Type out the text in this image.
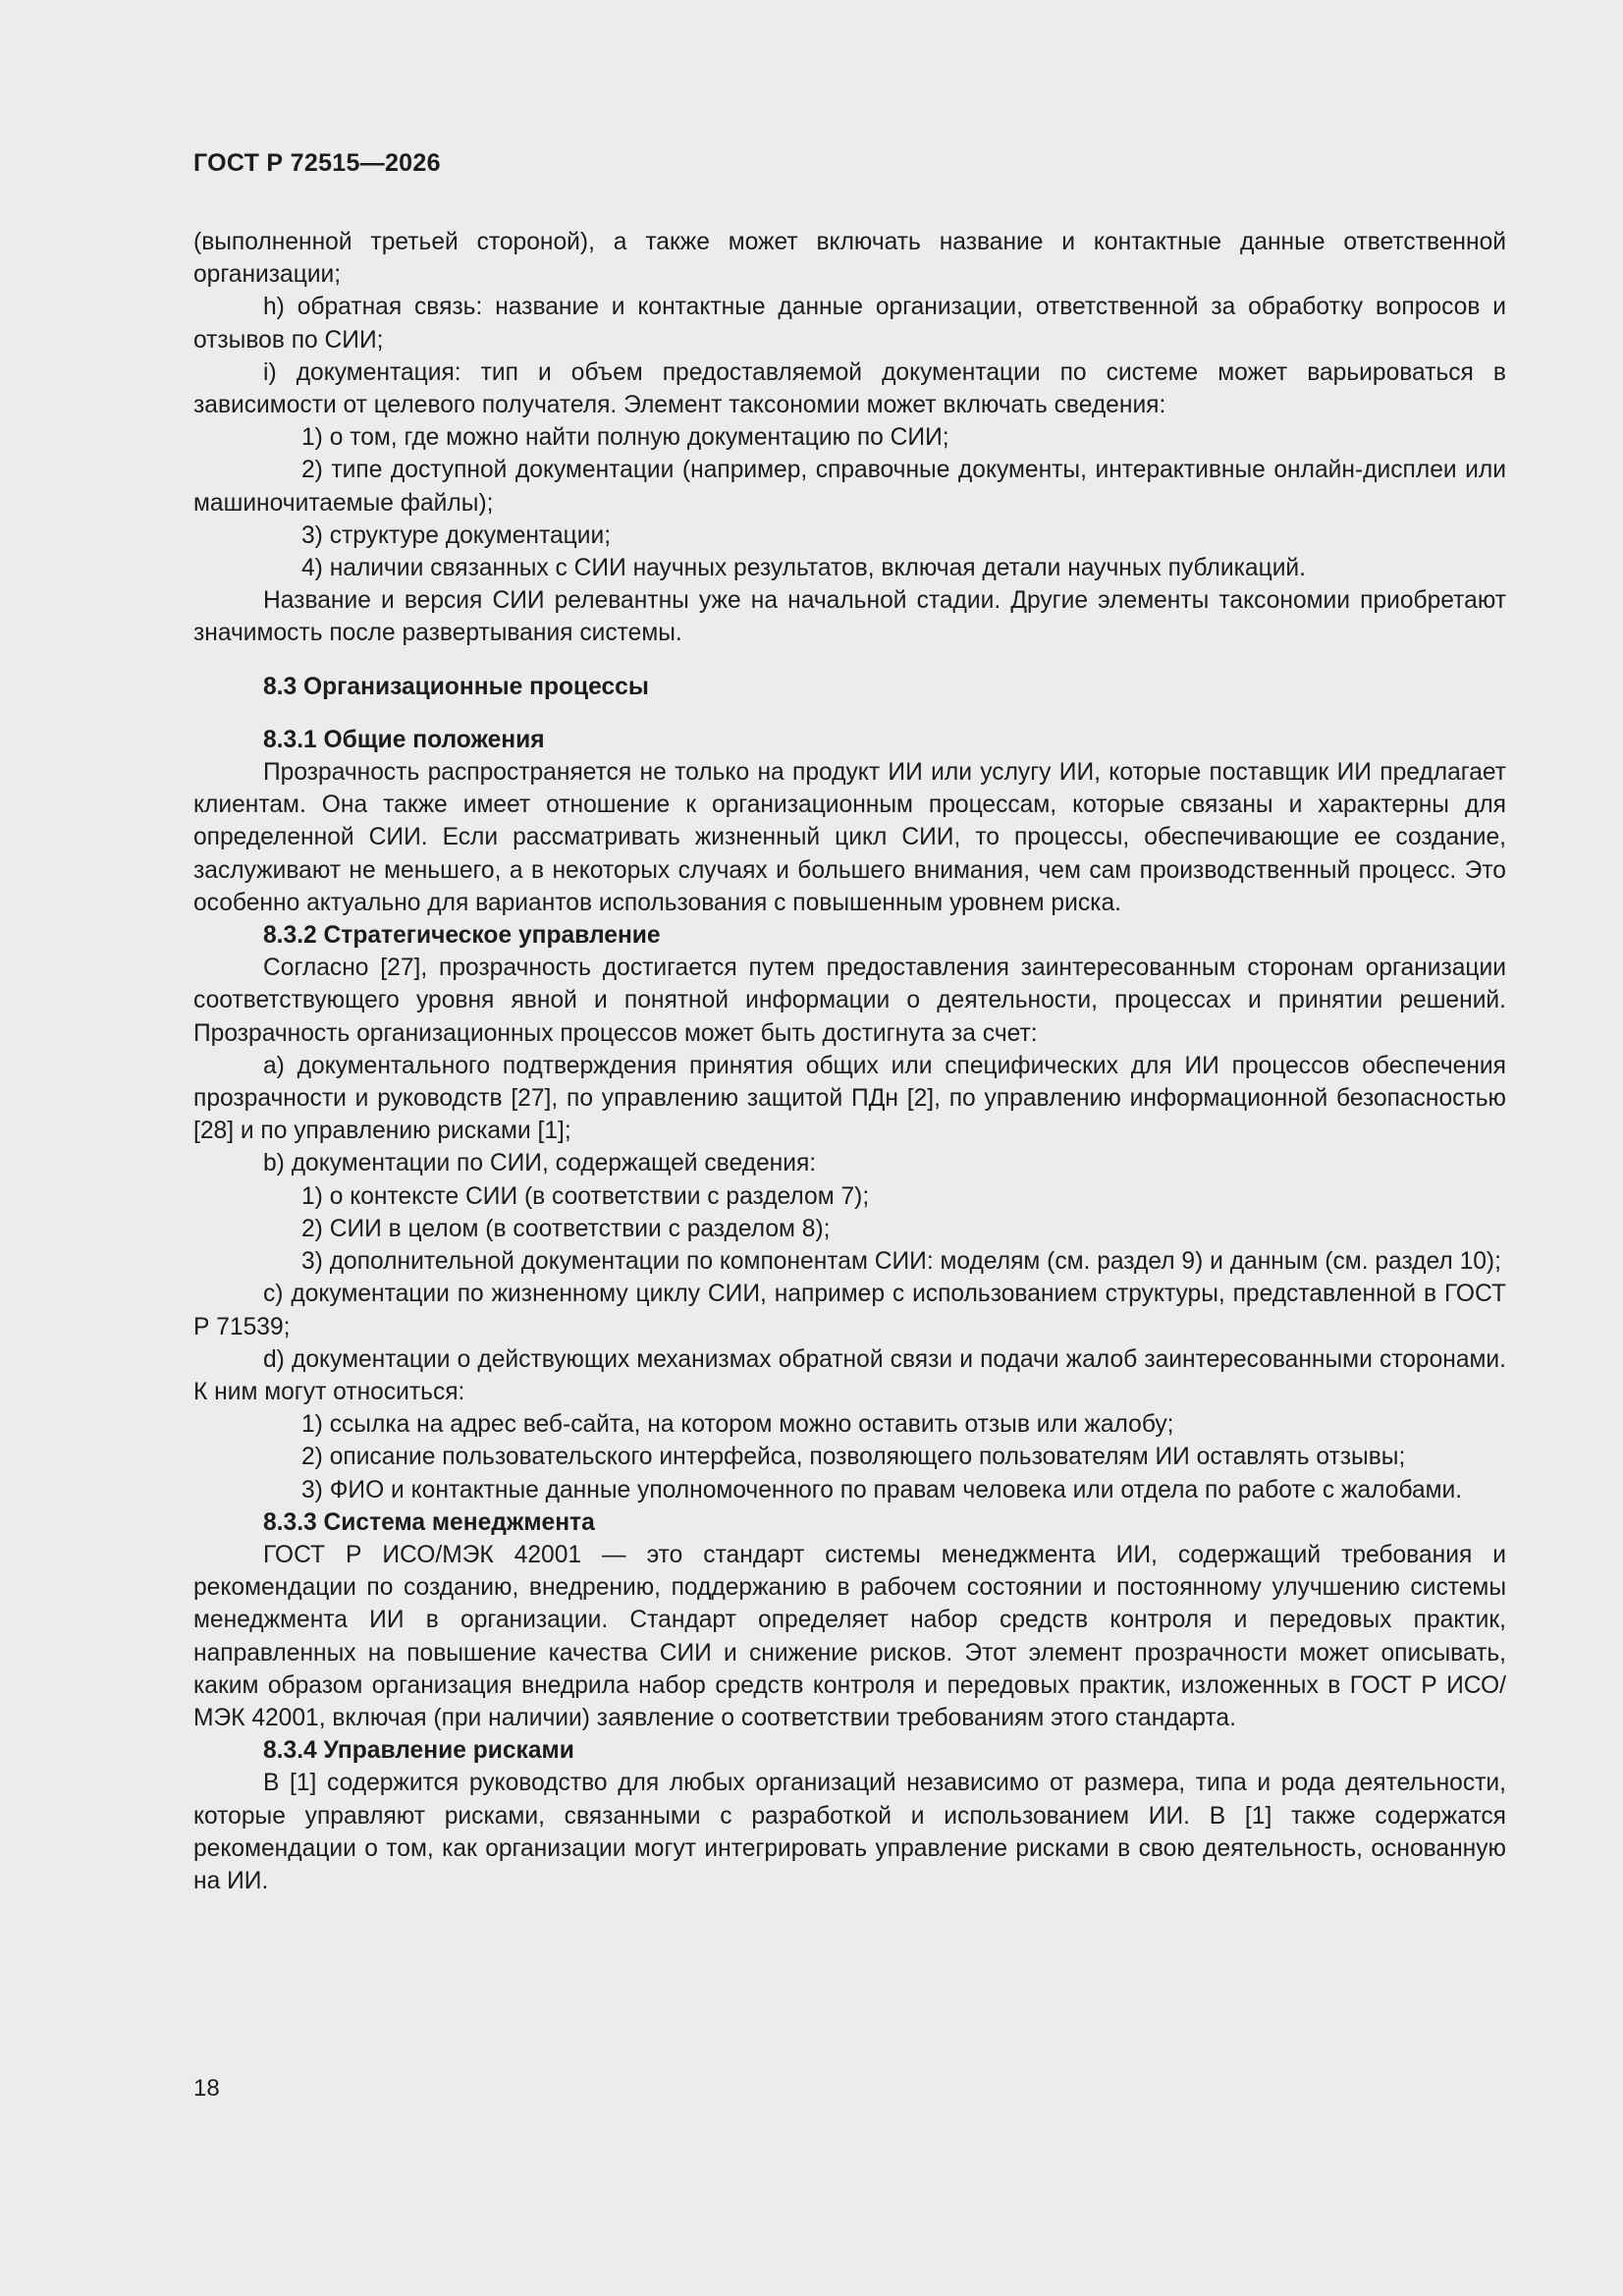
ГОСТ Р 72515—2026

(выполненной третьей стороной), а также может включать название и контактные данные ответственной организации;

h) обратная связь: название и контактные данные организации, ответственной за обработку вопросов и отзывов по СИИ;

i) документация: тип и объем предоставляемой документации по системе может варьироваться в зависимости от целевого получателя. Элемент таксономии может включать сведения:

1) о том, где можно найти полную документацию по СИИ;

2) типе доступной документации (например, справочные документы, интерактивные онлайн-дисплеи или машиночитаемые файлы);

3) структуре документации;

4) наличии связанных с СИИ научных результатов, включая детали научных публикаций.

Название и версия СИИ релевантны уже на начальной стадии. Другие элементы таксономии приобретают значимость после развертывания системы.

8.3 Организационные процессы

8.3.1 Общие положения

Прозрачность распространяется не только на продукт ИИ или услугу ИИ, которые поставщик ИИ предлагает клиентам. Она также имеет отношение к организационным процессам, которые связаны и характерны для определенной СИИ. Если рассматривать жизненный цикл СИИ, то процессы, обеспечивающие ее создание, заслуживают не меньшего, а в некоторых случаях и большего внимания, чем сам производственный процесс. Это особенно актуально для вариантов использования с повышенным уровнем риска.

8.3.2 Стратегическое управление

Согласно [27], прозрачность достигается путем предоставления заинтересованным сторонам организации соответствующего уровня явной и понятной информации о деятельности, процессах и принятии решений. Прозрачность организационных процессов может быть достигнута за счет:

a) документального подтверждения принятия общих или специфических для ИИ процессов обеспечения прозрачности и руководств [27], по управлению защитой ПДн [2], по управлению информационной безопасностью [28] и по управлению рисками [1];

b) документации по СИИ, содержащей сведения:

1) о контексте СИИ (в соответствии с разделом 7);

2) СИИ в целом (в соответствии с разделом 8);

3) дополнительной документации по компонентам СИИ: моделям (см. раздел 9) и данным (см. раздел 10);

c) документации по жизненному циклу СИИ, например с использованием структуры, представленной в ГОСТ Р 71539;

d) документации о действующих механизмах обратной связи и подачи жалоб заинтересованными сторонами. К ним могут относиться:

1) ссылка на адрес веб-сайта, на котором можно оставить отзыв или жалобу;

2) описание пользовательского интерфейса, позволяющего пользователям ИИ оставлять отзывы;

3) ФИО и контактные данные уполномоченного по правам человека или отдела по работе с жалобами.

8.3.3 Система менеджмента

ГОСТ Р ИСО/МЭК 42001 — это стандарт системы менеджмента ИИ, содержащий требования и рекомендации по созданию, внедрению, поддержанию в рабочем состоянии и постоянному улучшению системы менеджмента ИИ в организации. Стандарт определяет набор средств контроля и передовых практик, направленных на повышение качества СИИ и снижение рисков. Этот элемент прозрачности может описывать, каким образом организация внедрила набор средств контроля и передовых практик, изложенных в ГОСТ Р ИСО/МЭК 42001, включая (при наличии) заявление о соответствии требованиям этого стандарта.

8.3.4 Управление рисками

В [1] содержится руководство для любых организаций независимо от размера, типа и рода деятельности, которые управляют рисками, связанными с разработкой и использованием ИИ. В [1] также содержатся рекомендации о том, как организации могут интегрировать управление рисками в свою деятельность, основанную на ИИ.

18
